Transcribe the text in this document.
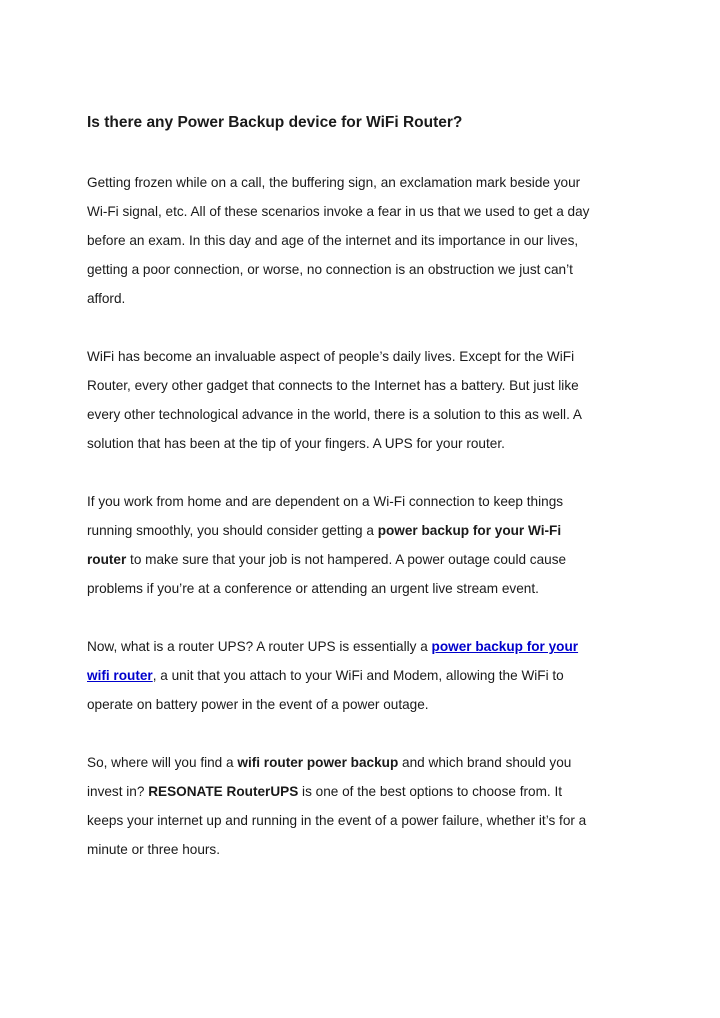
Is there any Power Backup device for WiFi Router?

Getting frozen while on a call, the buffering sign, an exclamation mark beside your
Wi-Fi signal, etc. All of these scenarios invoke a fear in us that we used to get a day
before an exam. In this day and age of the internet and its importance in our lives,
getting a poor connection, or worse, no connection is an obstruction we just can’t
afford.

WiFi has become an invaluable aspect of people’s daily lives. Except for the WiFi
Router, every other gadget that connects to the Internet has a battery. But just like
every other technological advance in the world, there is a solution to this as well. A
solution that has been at the tip of your fingers. A UPS for your router.

If you work from home and are dependent on a Wi-Fi connection to keep things
running smoothly, you should consider getting a power backup for your Wi-Fi
router to make sure that your job is not hampered. A power outage could cause
problems if you’re at a conference or attending an urgent live stream event.

Now, what is a router UPS? A router UPS is essentially a power backup for your
wifi router, a unit that you attach to your WiFi and Modem, allowing the WiFi to
operate on battery power in the event of a power outage.

So, where will you find a wifi router power backup and which brand should you
invest in? RESONATE RouterUPS is one of the best options to choose from. It
keeps your internet up and running in the event of a power failure, whether it’s for a
minute or three hours.
